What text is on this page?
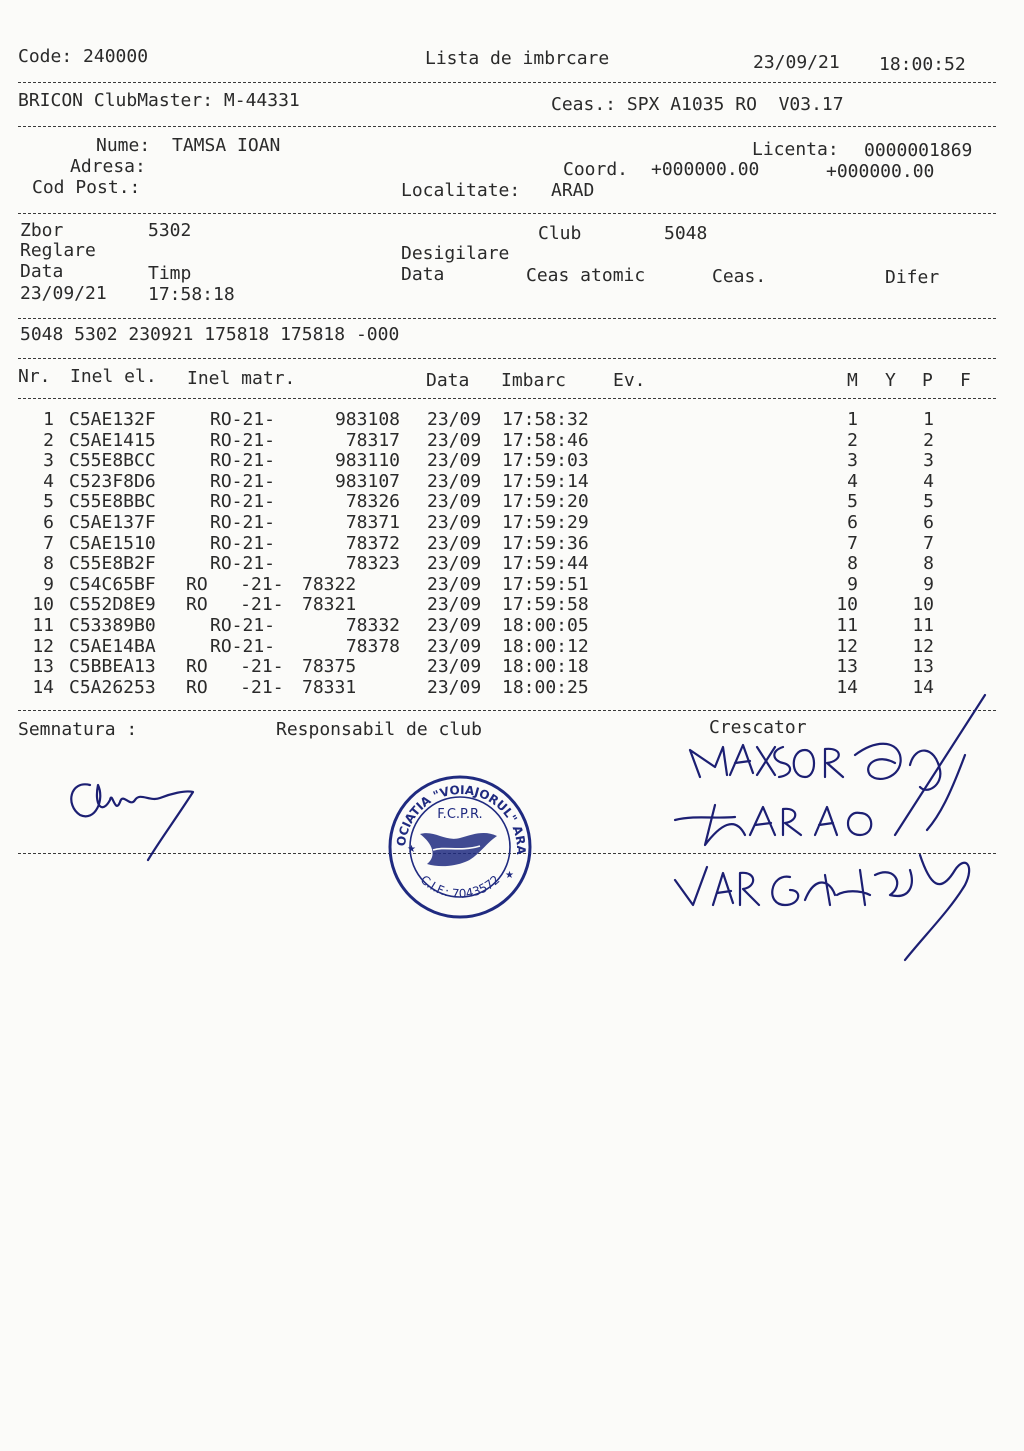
Code: 240000	Lista de imbrcare	23/09/21 18:00:52
BRICON ClubMaster: M-44331	Ceas.: SPX A1035 RO  V03.17
Nume: TAMSA IOAN	Licenta: 0000001869
Adresa:	Coord. +000000.00	+000000.00
Cod Post.:	Localitate: ARAD
Zbor	5302	Club	5048
Reglare	Desigilare
Data	Timp	Data	Ceas atomic	Ceas.	Difer
23/09/21 17:58:18
5048 5302 230921 175818 175818 -000
Nr. Inel el. Inel matr.	Data Imbarc	Ev.	M Y P F
1 C5AE132F	RO-21-	983108 23/09 17:58:32	1	1
2 C5AE1415	RO-21-	78317 23/09 17:58:46	2	2
3 C55E8BCC	RO-21-	983110 23/09 17:59:03	3	3
4 C523F8D6	RO-21-	983107 23/09 17:59:14	4	4
5 C55E8BBC	RO-21-	78326 23/09 17:59:20	5	5
6 C5AE137F	RO-21-	78371 23/09 17:59:29	6	6
7 C5AE1510	RO-21-	78372 23/09 17:59:36	7	7
8 C55E8B2F	RO-21-	78323 23/09 17:59:44	8	8
9 C54C65BF RO   -21- 78322	23/09 17:59:51	9	9
10 C552D8E9 RO   -21- 78321	23/09 17:59:58	10	10
11 C53389B0	RO-21-	78332 23/09 18:00:05	11	11
12 C5AE14BA	RO-21-	78378 23/09 18:00:12	12	12
13 C5BBEA13 RO   -21- 78375	23/09 18:00:18	13	13
14 C5A26253 RO   -21- 78331	23/09 18:00:25	14	14
Semnatura :	Responsabil de club	Crescator
ASOCIATIA "VOIAJORUL" ARAD
F.C.P.R.
C.I.F.: 7043572
★
★
